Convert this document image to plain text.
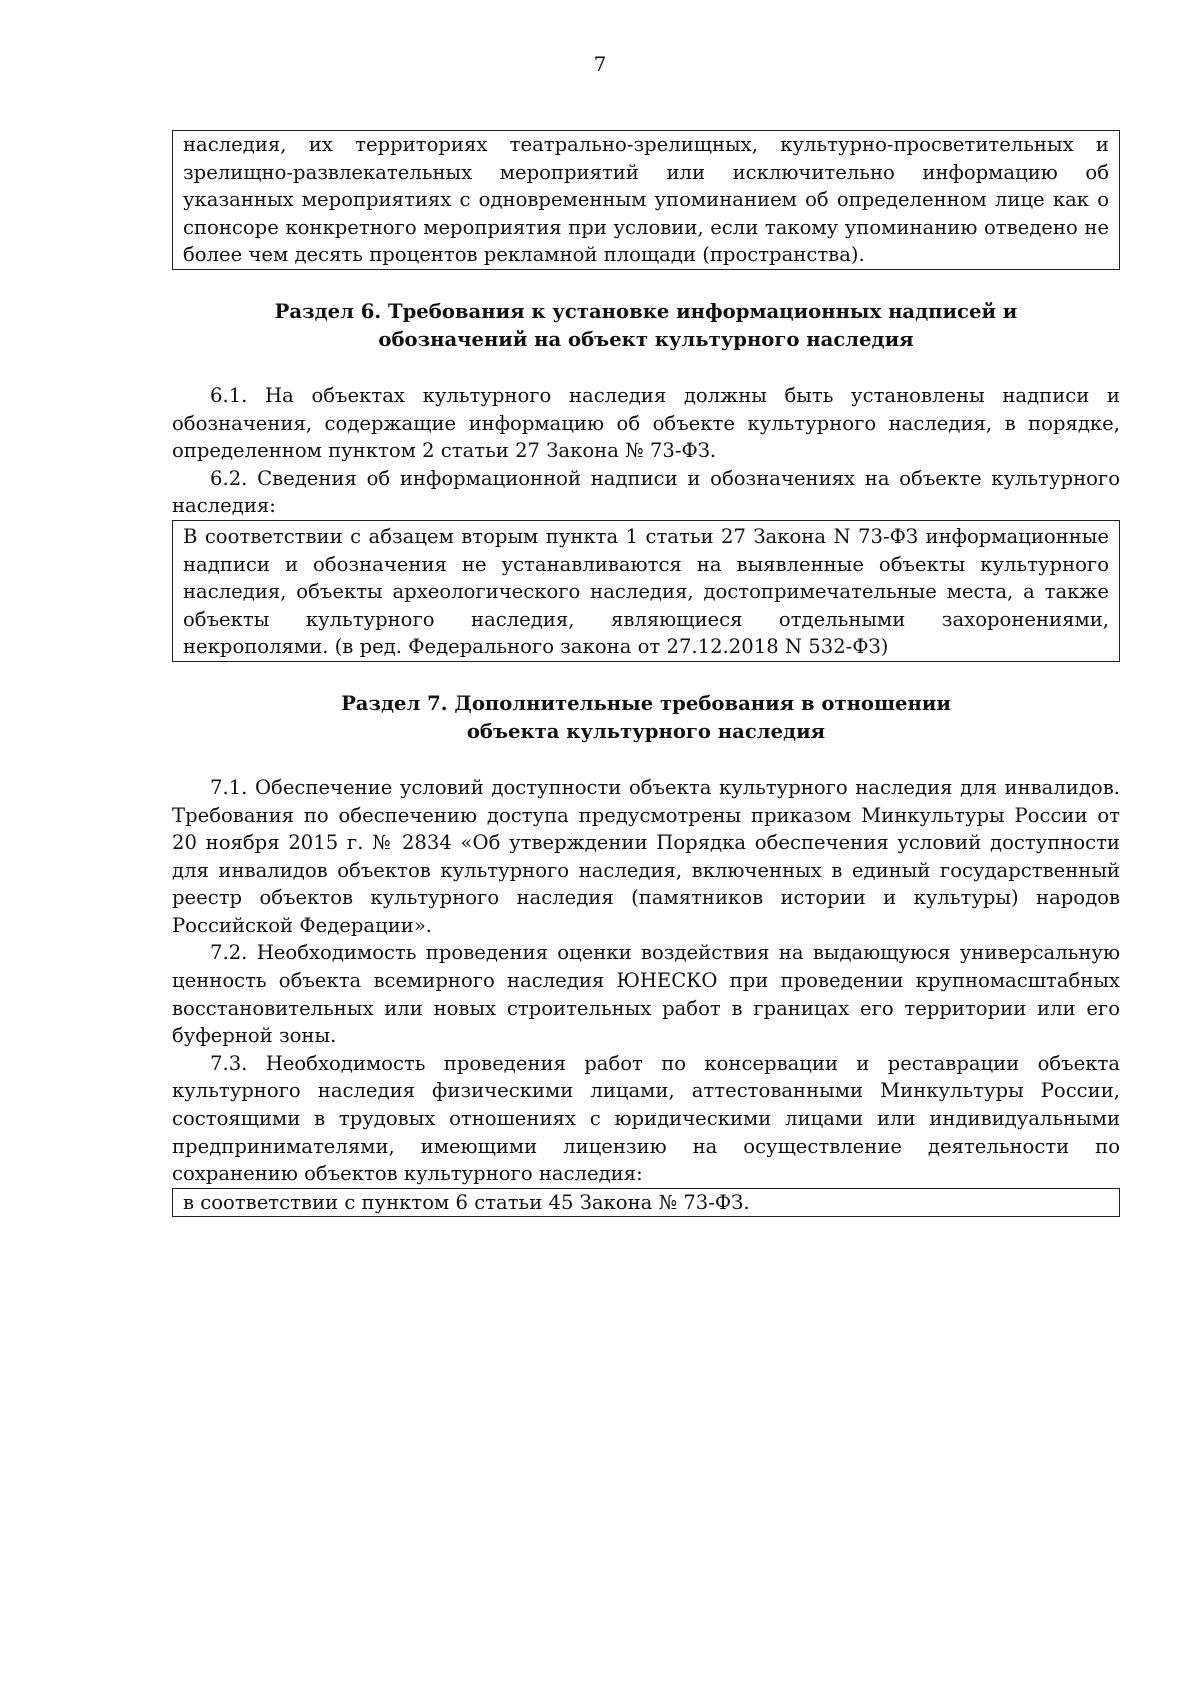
7

наследия, их территориях театрально-зрелищных, культурно-просветительных и зрелищно-развлекательных мероприятий или исключительно информацию об указанных мероприятиях с одновременным упоминанием об определенном лице как о спонсоре конкретного мероприятия при условии, если такому упоминанию отведено не более чем десять процентов рекламной площади (пространства).

Раздел 6. Требования к установке информационных надписей и
обозначений на объект культурного наследия

6.1. На объектах культурного наследия должны быть установлены надписи и обозначения, содержащие информацию об объекте культурного наследия, в порядке, определенном пунктом 2 статьи 27 Закона № 73-ФЗ.

6.2. Сведения об информационной надписи и обозначениях на объекте культурного наследия:

В соответствии с абзацем вторым пункта 1 статьи 27 Закона N 73-ФЗ информационные надписи и обозначения не устанавливаются на выявленные объекты культурного наследия, объекты археологического наследия, достопримечательные места, а также объекты культурного наследия, являющиеся отдельными захоронениями, некрополями. (в ред. Федерального закона от 27.12.2018 N 532-ФЗ)

Раздел 7. Дополнительные требования в отношении
объекта культурного наследия

7.1. Обеспечение условий доступности объекта культурного наследия для инвалидов. Требования по обеспечению доступа предусмотрены приказом Минкультуры России от 20 ноября 2015 г. № 2834 «Об утверждении Порядка обеспечения условий доступности для инвалидов объектов культурного наследия, включенных в единый государственный реестр объектов культурного наследия (памятников истории и культуры) народов Российской Федерации».

7.2. Необходимость проведения оценки воздействия на выдающуюся универсальную ценность объекта всемирного наследия ЮНЕСКО при проведении крупномасштабных восстановительных или новых строительных работ в границах его территории или его буферной зоны.

7.3. Необходимость проведения работ по консервации и реставрации объекта культурного наследия физическими лицами, аттестованными Минкультуры России, состоящими в трудовых отношениях с юридическими лицами или индивидуальными предпринимателями, имеющими лицензию на осуществление деятельности по сохранению объектов культурного наследия:

в соответствии с пунктом 6 статьи 45 Закона № 73-ФЗ.
